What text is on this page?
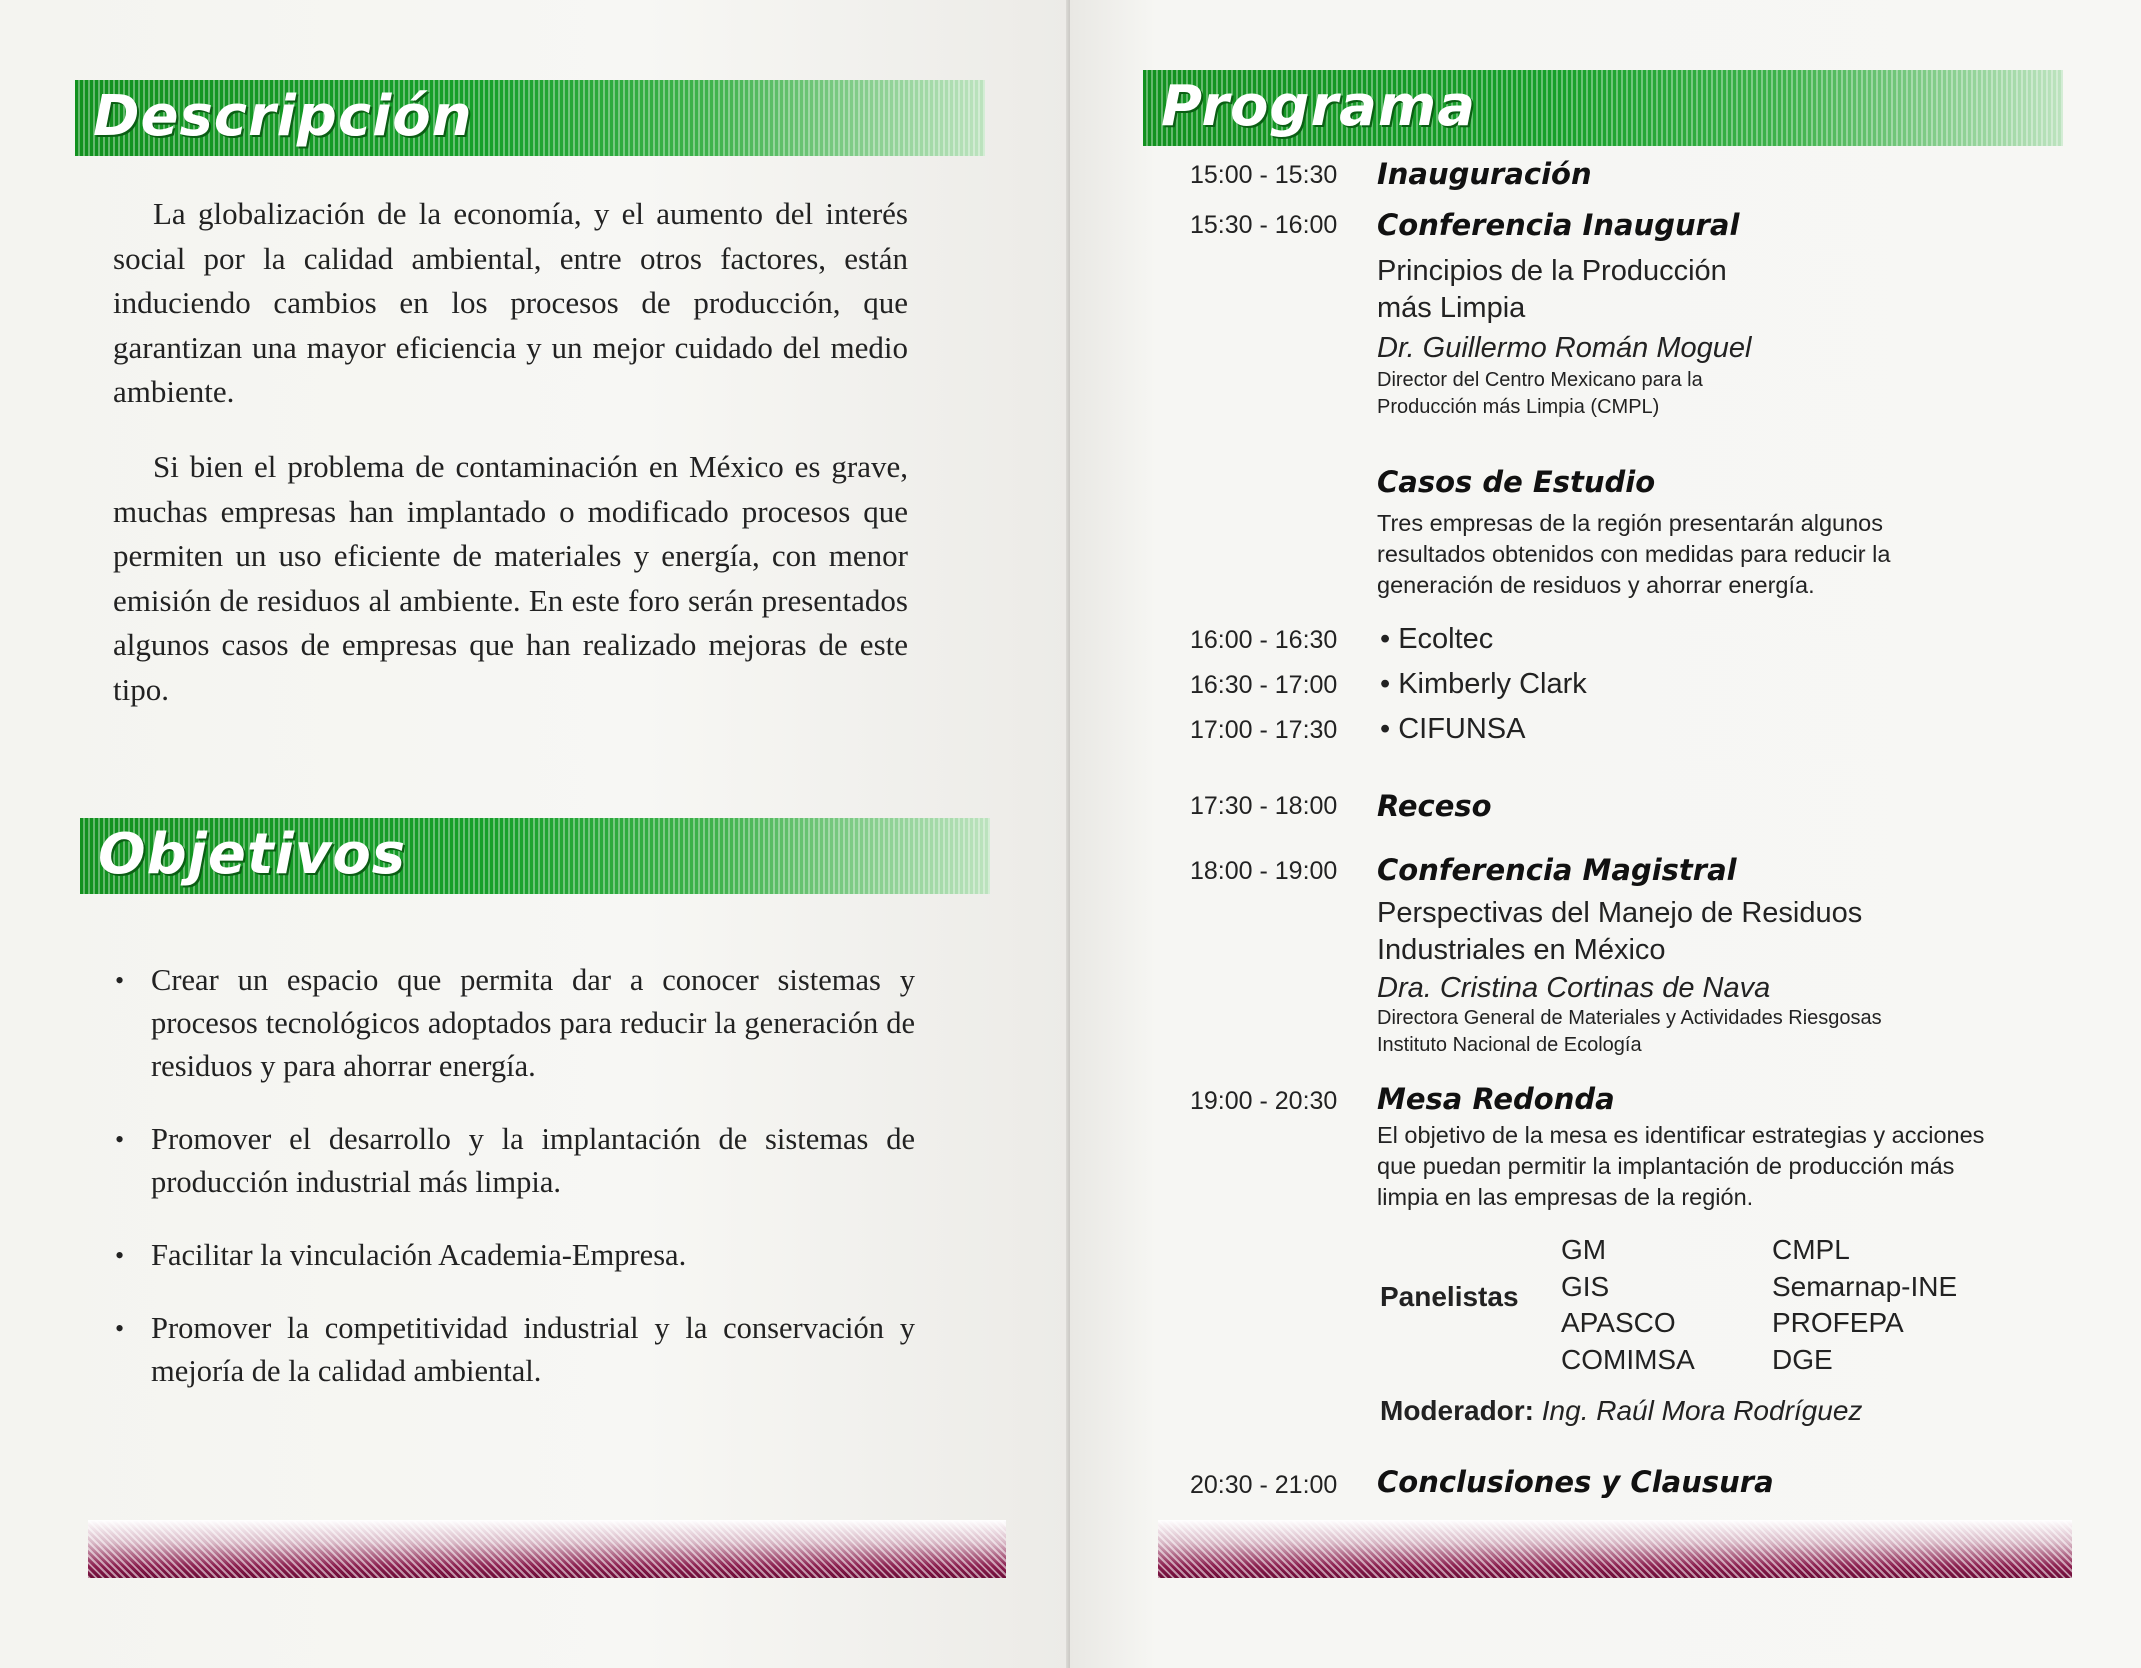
Descripción
La globalización de la economía, y el aumento del interés social por la calidad ambiental, entre otros factores, están induciendo cambios en los procesos de producción, que garantizan una mayor eficiencia y un mejor cuidado del medio ambiente.
Si bien el problema de contaminación en México es grave, muchas empresas han implantado o modificado procesos que permiten un uso eficiente de materiales y energía, con menor emisión de residuos al ambiente. En este foro serán presentados algunos casos de empresas que han realizado mejoras de este tipo.
Objetivos
• Crear un espacio que permita dar a conocer sistemas y procesos tecnológicos adoptados para reducir la generación de residuos y para ahorrar energía.
• Promover el desarrollo y la implantación de sistemas de producción industrial más limpia.
• Facilitar la vinculación Academia-Empresa.
• Promover la competitividad industrial y la conservación y mejoría de la calidad ambiental.
Programa
15:00 - 15:30 Inauguración
15:30 - 16:00 Conferencia Inaugural
Principios de la Producción más Limpia
Dr. Guillermo Román Moguel
Director del Centro Mexicano para la Producción más Limpia (CMPL)
Casos de Estudio
Tres empresas de la región presentarán algunos resultados obtenidos con medidas para reducir la generación de residuos y ahorrar energía.
16:00 - 16:30 • Ecoltec
16:30 - 17:00 • Kimberly Clark
17:00 - 17:30 • CIFUNSA
17:30 - 18:00 Receso
18:00 - 19:00 Conferencia Magistral
Perspectivas del Manejo de Residuos Industriales en México
Dra. Cristina Cortinas de Nava
Directora General de Materiales y Actividades Riesgosas Instituto Nacional de Ecología
19:00 - 20:30 Mesa Redonda
El objetivo de la mesa es identificar estrategias y acciones que puedan permitir la implantación de producción más limpia en las empresas de la región.
Panelistas
GM
GIS
APASCO
COMIMSA
CMPL
Semarnap-INE
PROFEPA
DGE
Moderador: Ing. Raúl Mora Rodríguez
20:30 - 21:00 Conclusiones y Clausura
